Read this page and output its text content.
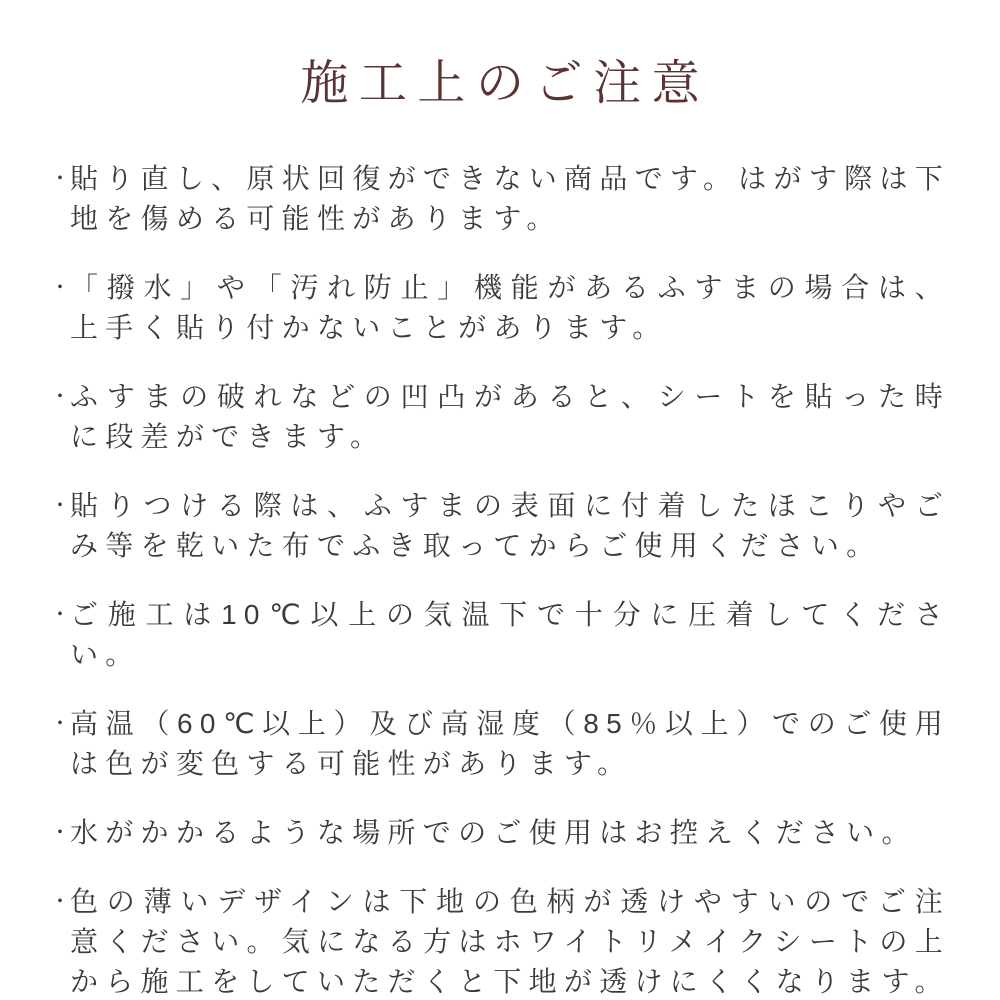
施工上のご注意
・ 貼り直し、原状回復ができない商品です。はがす際は下地を傷める可能性があります。
・ 「撥水」や「汚れ防止」機能があるふすまの場合は、上手く貼り付かないことがあります。
・ ふすまの破れなどの凹凸があると、シートを貼った時に段差ができます。
・ 貼りつける際は、ふすまの表面に付着したほこりやごみ等を乾いた布でふき取ってからご使用ください。
・ ご施工は10℃以上の気温下で十分に圧着してください。
・ 高温（60℃以上）及び高湿度（85％以上）でのご使用は色が変色する可能性があります。
・ 水がかかるような場所でのご使用はお控えください。
・ 色の薄いデザインは下地の色柄が透けやすいのでご注意ください。気になる方はホワイトリメイクシートの上から施工をしていただくと下地が透けにくくなります。
